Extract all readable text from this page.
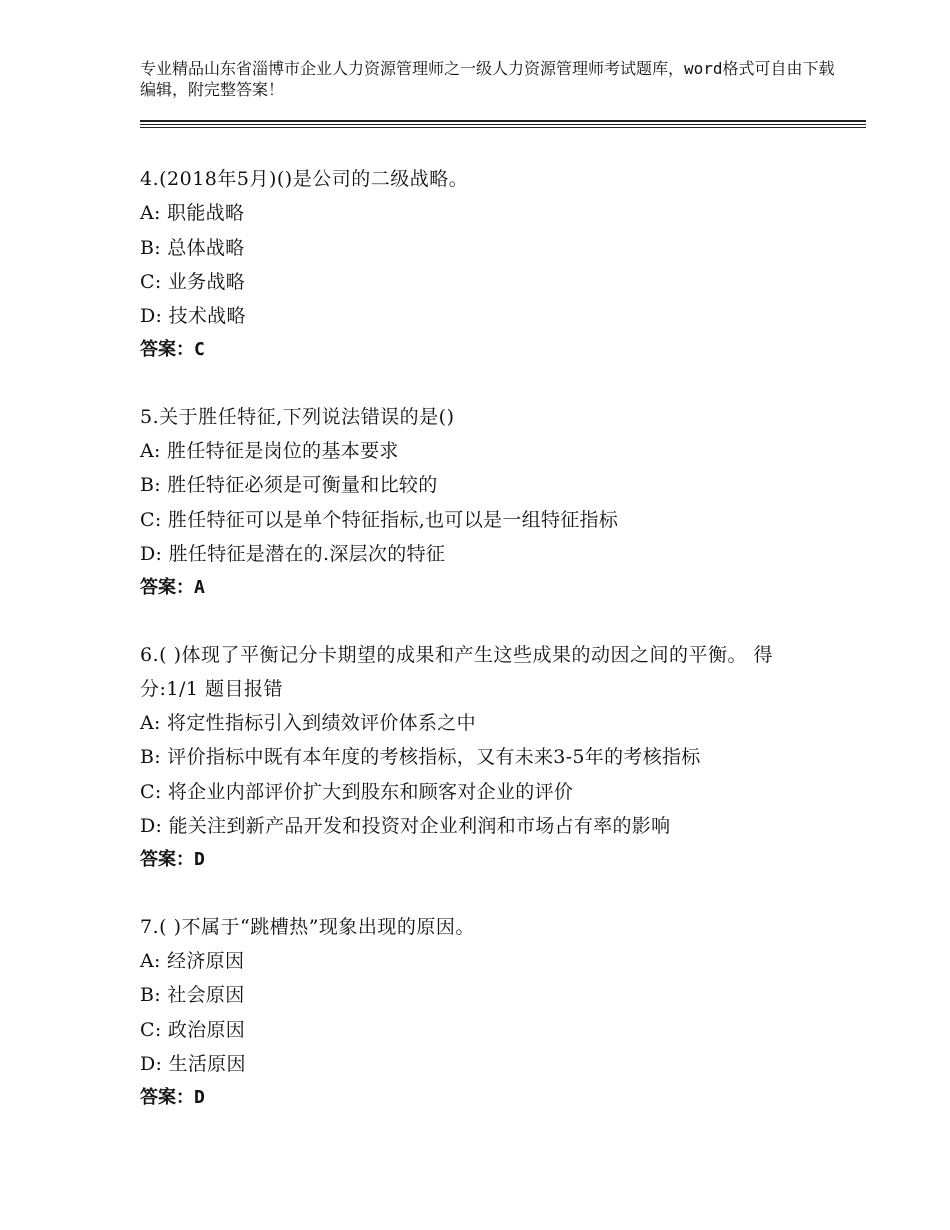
专业精品山东省淄博市企业人力资源管理师之一级人力资源管理师考试题库，word格式可自由下载编辑，附完整答案！
4.(2018年5月)()是公司的二级战略。
A: 职能战略
B: 总体战略
C: 业务战略
D: 技术战略
答案：C
5.关于胜任特征,下列说法错误的是()
A: 胜任特征是岗位的基本要求
B: 胜任特征必须是可衡量和比较的
C: 胜任特征可以是单个特征指标,也可以是一组特征指标
D: 胜任特征是潜在的.深层次的特征
答案：A
6.( )体现了平衡记分卡期望的成果和产生这些成果的动因之间的平衡。 得分:1/1 题目报错
A: 将定性指标引入到绩效评价体系之中
B: 评价指标中既有本年度的考核指标，又有未来3-5年的考核指标
C: 将企业内部评价扩大到股东和顾客对企业的评价
D: 能关注到新产品开发和投资对企业利润和市场占有率的影响
答案：D
7.( )不属于“跳槽热”现象出现的原因。
A: 经济原因
B: 社会原因
C: 政治原因
D: 生活原因
答案：D
